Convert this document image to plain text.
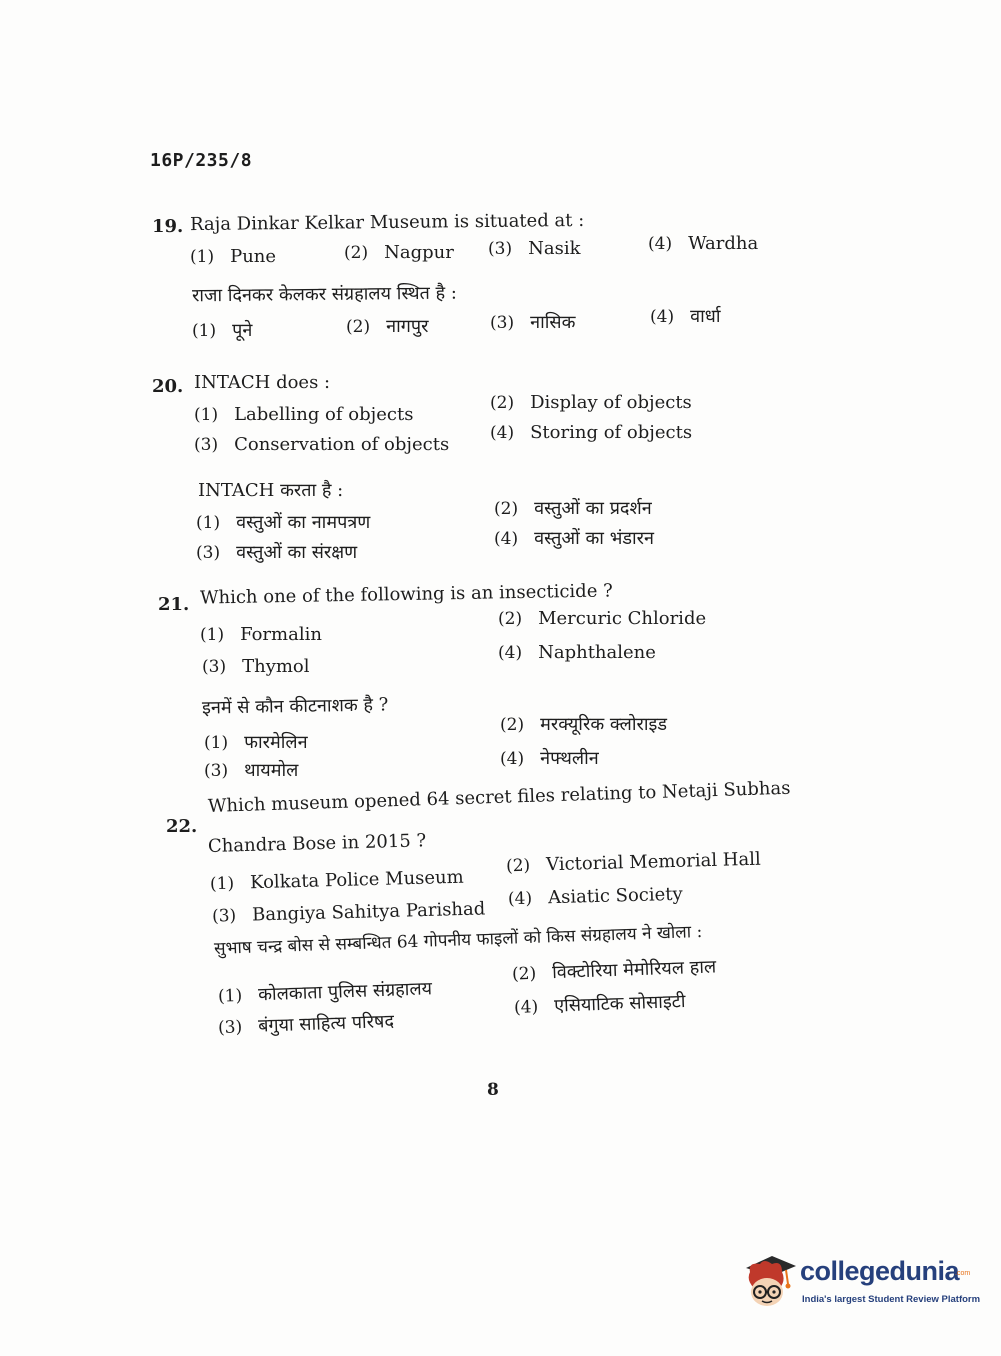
16P/235/8
19. Raja Dinkar Kelkar Museum is situated at :
(1) Pune	(2) Nagpur (3) Nasik	(4) Wardha
राजा दिनकर केलकर संग्रहालय स्थित है :
(1) पूने	(2) नागपुर	(3) नासिक	(4) वार्धा
20. INTACH does :
(1) Labelling of objects
(2) Display of objects
(3) Conservation of objects
(4) Storing of objects
INTACH करता है :
(1) वस्तुओं का नामपत्रण
(2) वस्तुओं का प्रदर्शन
(3) वस्तुओं का संरक्षण
(4) वस्तुओं का भंडारन
21. Which one of the following is an insecticide ?
(1) Formalin
(2) Mercuric Chloride
(3) Thymol
(4) Naphthalene
इनमें से कौन कीटनाशक है ?
(1) फारमेलिन
(2) मरक्यूरिक क्लोराइड
(3) थायमोल
(4) नेफ्थलीन
22.
Which museum opened 64 secret files relating to Netaji Subhas
Chandra Bose in 2015 ?
(1) Kolkata Police Museum
(2) Victorial Memorial Hall
(3) Bangiya Sahitya Parishad (4) Asiatic Society
सुभाष चन्द्र बोस से सम्बन्धित 64 गोपनीय फाइलों को किस संग्रहालय ने खोला :
(1) कोलकाता पुलिस संग्रहालय
(2) विक्टोरिया मेमोरियल हाल
(3) बंगुया साहित्य परिषद
(4) एसियाटिक सोसाइटी
8
collegedunia
.com
India's largest Student Review Platform
